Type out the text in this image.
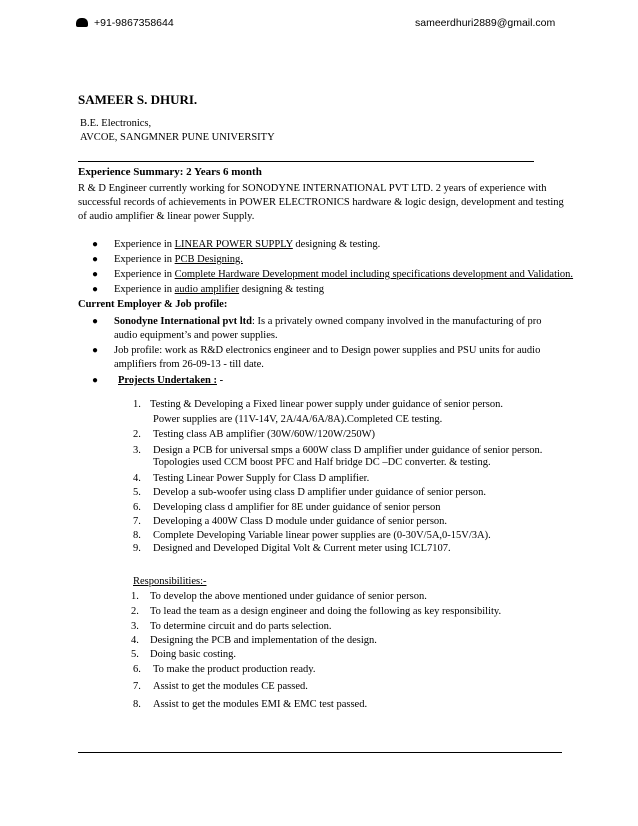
+91-9867358644	sameerdhuri2889@gmail.com
SAMEER S. DHURI.
B.E. Electronics,
AVCOE, SANGMNER PUNE UNIVERSITY
Experience Summary: 2 Years 6 month
R & D Engineer currently working for SONODYNE INTERNATIONAL PVT LTD. 2 years of experience with
successful records of achievements in POWER ELECTRONICS hardware & logic design, development and testing
of audio amplifier & linear power Supply.
● Experience in LINEAR POWER SUPPLY designing & testing.
● Experience in PCB Designing.
● Experience in Complete Hardware Development model including specifications development and Validation.
● Experience in audio amplifier designing & testing
Current Employer & Job profile:
● Sonodyne International pvt ltd: Is a privately owned company involved in the manufacturing of pro
audio equipment’s and power supplies.
● Job profile: work as R&D electronics engineer and to Design power supplies and PSU units for audio
amplifiers from 26-09-13 - till date.
● Projects Undertaken : -
1. Testing & Developing a Fixed linear power supply under guidance of senior person.
Power supplies are (11V-14V, 2A/4A/6A/8A).Completed CE testing.
2. Testing class AB amplifier (30W/60W/120W/250W)
3. Design a PCB for universal smps a 600W class D amplifier under guidance of senior person.
Topologies used CCM boost PFC and Half bridge DC –DC converter. & testing.
4. Testing Linear Power Supply for Class D amplifier.
5. Develop a sub-woofer using class D amplifier under guidance of senior person.
6. Developing class d amplifier for 8E under guidance of senior person
7. Developing a 400W Class D module under guidance of senior person.
8. Complete Developing Variable linear power supplies are (0-30V/5A,0-15V/3A).
9. Designed and Developed Digital Volt & Current meter using ICL7107.
Responsibilities:-
1. To develop the above mentioned under guidance of senior person.
2. To lead the team as a design engineer and doing the following as key responsibility.
3. To determine circuit and do parts selection.
4. Designing the PCB and implementation of the design.
5. Doing basic costing.
6. To make the product production ready.
7. Assist to get the modules CE passed.
8. Assist to get the modules EMI & EMC test passed.
